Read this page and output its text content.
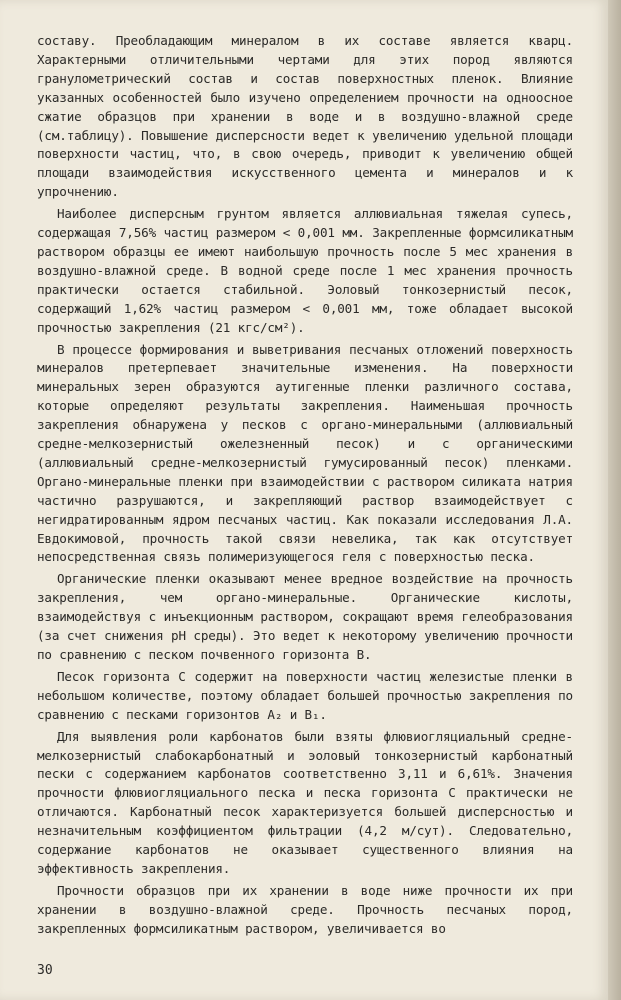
составу. Преобладающим минералом в их составе является кварц. Характерными отличительными чертами для этих пород являются гранулометрический состав и состав поверхностных пленок. Влияние указанных особенностей было изучено определением прочности на одноосное сжатие образцов при хранении в воде и в воздушно-влажной среде (см.таблицу). Повышение дисперсности ведет к увеличению удельной площади поверхности частиц, что, в свою очередь, приводит к увеличению общей площади взаимодействия искусственного цемента и минералов и к упрочнению.

Наиболее дисперсным грунтом является аллювиальная тяжелая супесь, содержащая 7,56% частиц размером < 0,001 мм. Закрепленные формсиликатным раствором образцы ее имеют наибольшую прочность после 5 мес хранения в воздушно-влажной среде. В водной среде после 1 мес хранения прочность практически остается стабильной. Эоловый тонкозернистый песок, содержащий 1,62% частиц размером < 0,001 мм, тоже обладает высокой прочностью закрепления (21 кгс/см²).

В процессе формирования и выветривания песчаных отложений поверхность минералов претерпевает значительные изменения. На поверхности минеральных зерен образуются аутигенные пленки различного состава, которые определяют результаты закрепления. Наименьшая прочность закрепления обнаружена у песков с органо-минеральными (аллювиальный средне-мелкозернистый ожелезненный песок) и с органическими (аллювиальный средне-мелкозернистый гумусированный песок) пленками. Органо-минеральные пленки при взаимодействии с раствором силиката натрия частично разрушаются, и закрепляющий раствор взаимодействует с негидратированным ядром песчаных частиц. Как показали исследования Л.А. Евдокимовой, прочность такой связи невелика, так как отсутствует непосредственная связь полимеризующегося геля с поверхностью песка.

Органические пленки оказывают менее вредное воздействие на прочность закрепления, чем органо-минеральные. Органические кислоты, взаимодействуя с инъекционным раствором, сокращают время гелеобразования (за счет снижения pH среды). Это ведет к некоторому увеличению прочности по сравнению с песком почвенного горизонта В.

Песок горизонта С содержит на поверхности частиц железистые пленки в небольшом количестве, поэтому обладает большей прочностью закрепления по сравнению с песками горизонтов A₂ и B₁.

Для выявления роли карбонатов были взяты флювиогляциальный средне-мелкозернистый слабокарбонатный и эоловый тонкозернистый карбонатный пески с содержанием карбонатов соответственно 3,11 и 6,61%. Значения прочности флювиогляциального песка и песка горизонта С практически не отличаются. Карбонатный песок характеризуется большей дисперсностью и незначительным коэффициентом фильтрации (4,2 м/сут). Следовательно, содержание карбонатов не оказывает существенного влияния на эффективность закрепления.

Прочности образцов при их хранении в воде ниже прочности их при хранении в воздушно-влажной среде. Прочность песчаных пород, закрепленных формсиликатным раствором, увеличивается во

30
